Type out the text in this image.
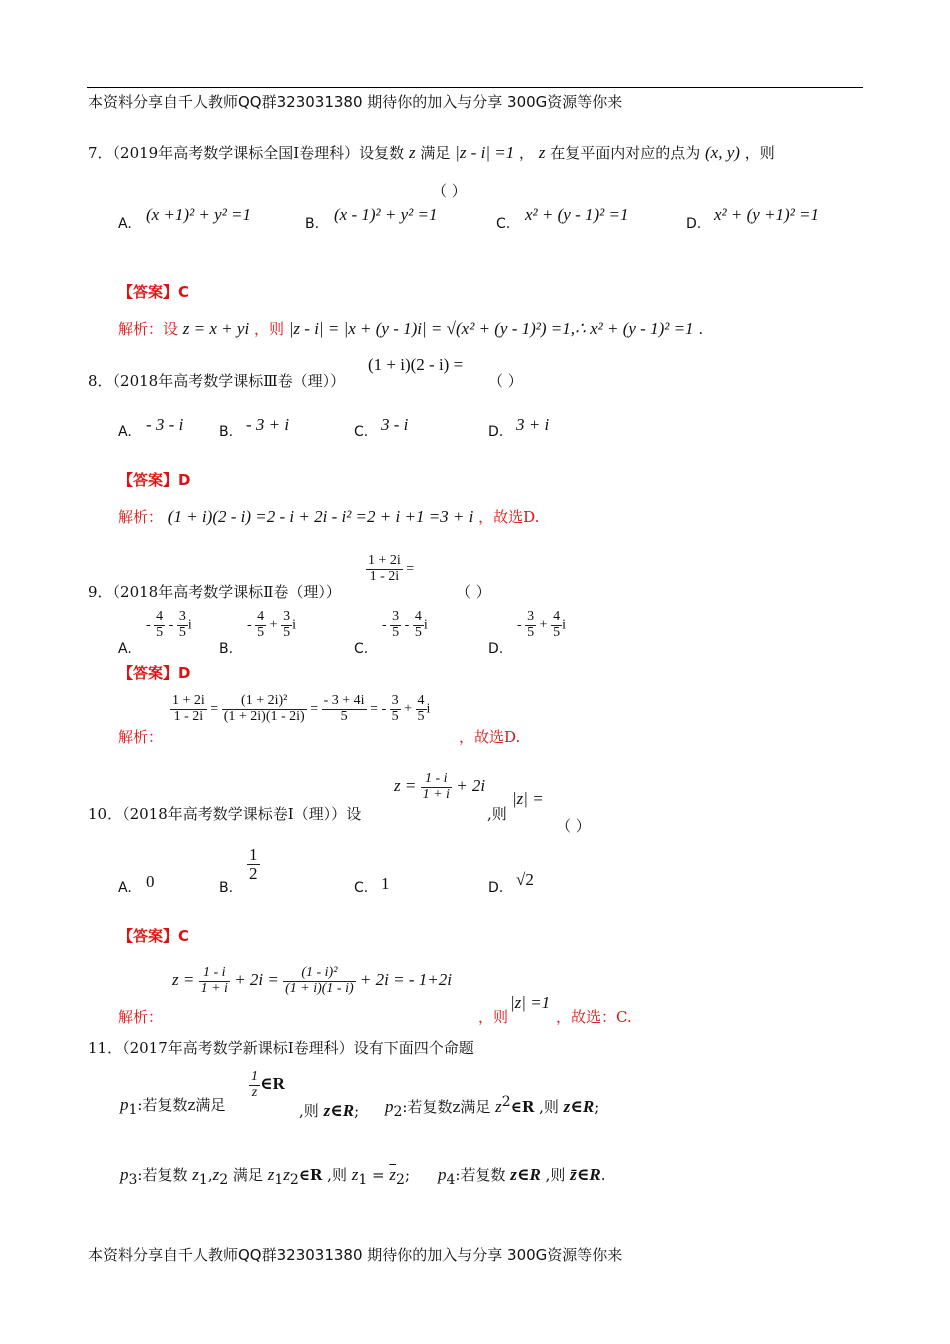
本资料分享自千人教师QQ群323031380 期待你的加入与分享 300G资源等你来
7．（2019年高考数学课标全国Ⅰ卷理科）设复数 z 满足 |z - i| =1 ， z 在复平面内对应的点为 (x, y) ，则
（ ）
A. (x +1)² + y² =1	B. (x - 1)² + y² =1	C. x² + (y - 1)² =1	D. x² + (y +1)² =1
【答案】C
解析：设 z = x + yi ，则 |z - i| = |x + (y - 1)i| = √(x² + (y - 1)²) =1,∴ x² + (y - 1)² =1 .
8．（2018年高考数学课标Ⅲ卷（理））
(1 + i)(2 - i) =
（ ）
A. - 3 - i	B. - 3 + i	C. 3 - i	D. 3 + i
【答案】D
解析： (1 + i)(2 - i) =2 - i + 2i - i² =2 + i +1 =3 + i ，故选D.
9．（2018年高考数学课标Ⅱ卷（理））
$\frac{1 + 2i}{1 - 2i}$ =
（ ）
A.
- $\frac{4}{5} - \frac{3}{5}$ i
B.
- $\frac{4}{5} + \frac{3}{5}$ i
C.
- $\frac{3}{5} - \frac{4}{5}$ i
D.
- $\frac{3}{5} + \frac{4}{5}$ i
【答案】D
解析：
$\frac{1 + 2i}{1 - 2i} = \frac{\text{(1 + 2i)²}}{(1 + 2i)(1 - 2i)} = \frac{- 3 + 4i}{5}$ = - $\frac{3}{5} + \frac{4}{5}$ i
，故选D.
10．（2018年高考数学课标卷Ⅰ（理））设
$z = \frac{1 - i}{1 + i} + 2i$
,则
|z| =
（ ）
A. 0	B.
$\frac{1}{2}$
C. 1	D. √2
【答案】C
解析：
$z = \frac{1 - i}{1 + i} + 2i = \frac{\text{(1 - i)²}}{(1 + i)(1 - i)} + 2i$ = - 1+2i
，则
|z| =1
，故选：C.
11．（2017年高考数学新课标Ⅰ卷理科）设有下面四个命题
$p_1$:若复数z满足
$\frac{1}{z}$ ∈R
,则 z∈R; $p_2$:若复数z满足 $z^2\in R$ ,则 z∈R;
$p_3$:若复数 $z_1,z_2$ 满足 $z_1z_2\in R$ ,则 $z_1 = \overline{z}_2$; $p_4$:若复数 z∈R ,则 z̄∈R.
本资料分享自千人教师QQ群323031380 期待你的加入与分享 300G资源等你来
